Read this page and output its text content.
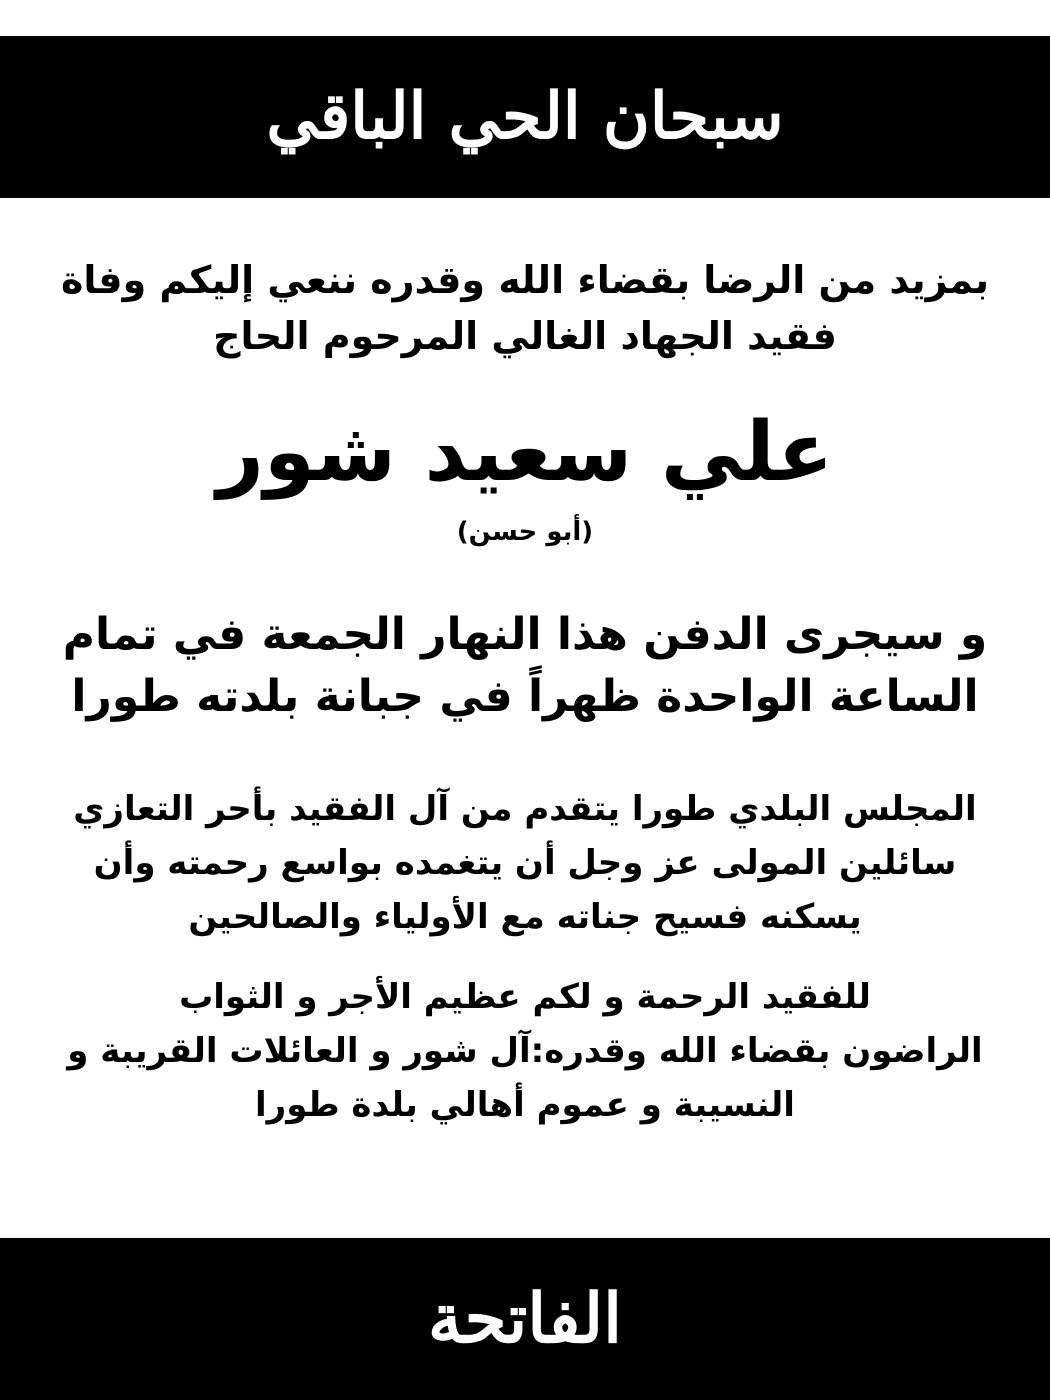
سبحان الحي الباقي

بمزيد من الرضا بقضاء الله وقدره ننعي إليكم وفاة

فقيد الجهاد الغالي المرحوم الحاج

علي سعيد شور
(أبو حسن)

و سيجرى الدفن هذا النهار الجمعة في تمام

الساعة الواحدة ظهراً في جبانة بلدته طورا

المجلس البلدي طورا يتقدم من آل الفقيد بأحر التعازي

سائلين المولى عز وجل أن يتغمده بواسع رحمته وأن

يسكنه فسيح جناته مع الأولياء والصالحين

للفقيد الرحمة و لكم عظيم الأجر و الثواب

الراضون بقضاء الله وقدره:آل شور و العائلات القريبة و

النسيبة و عموم أهالي بلدة طورا

الفاتحة
